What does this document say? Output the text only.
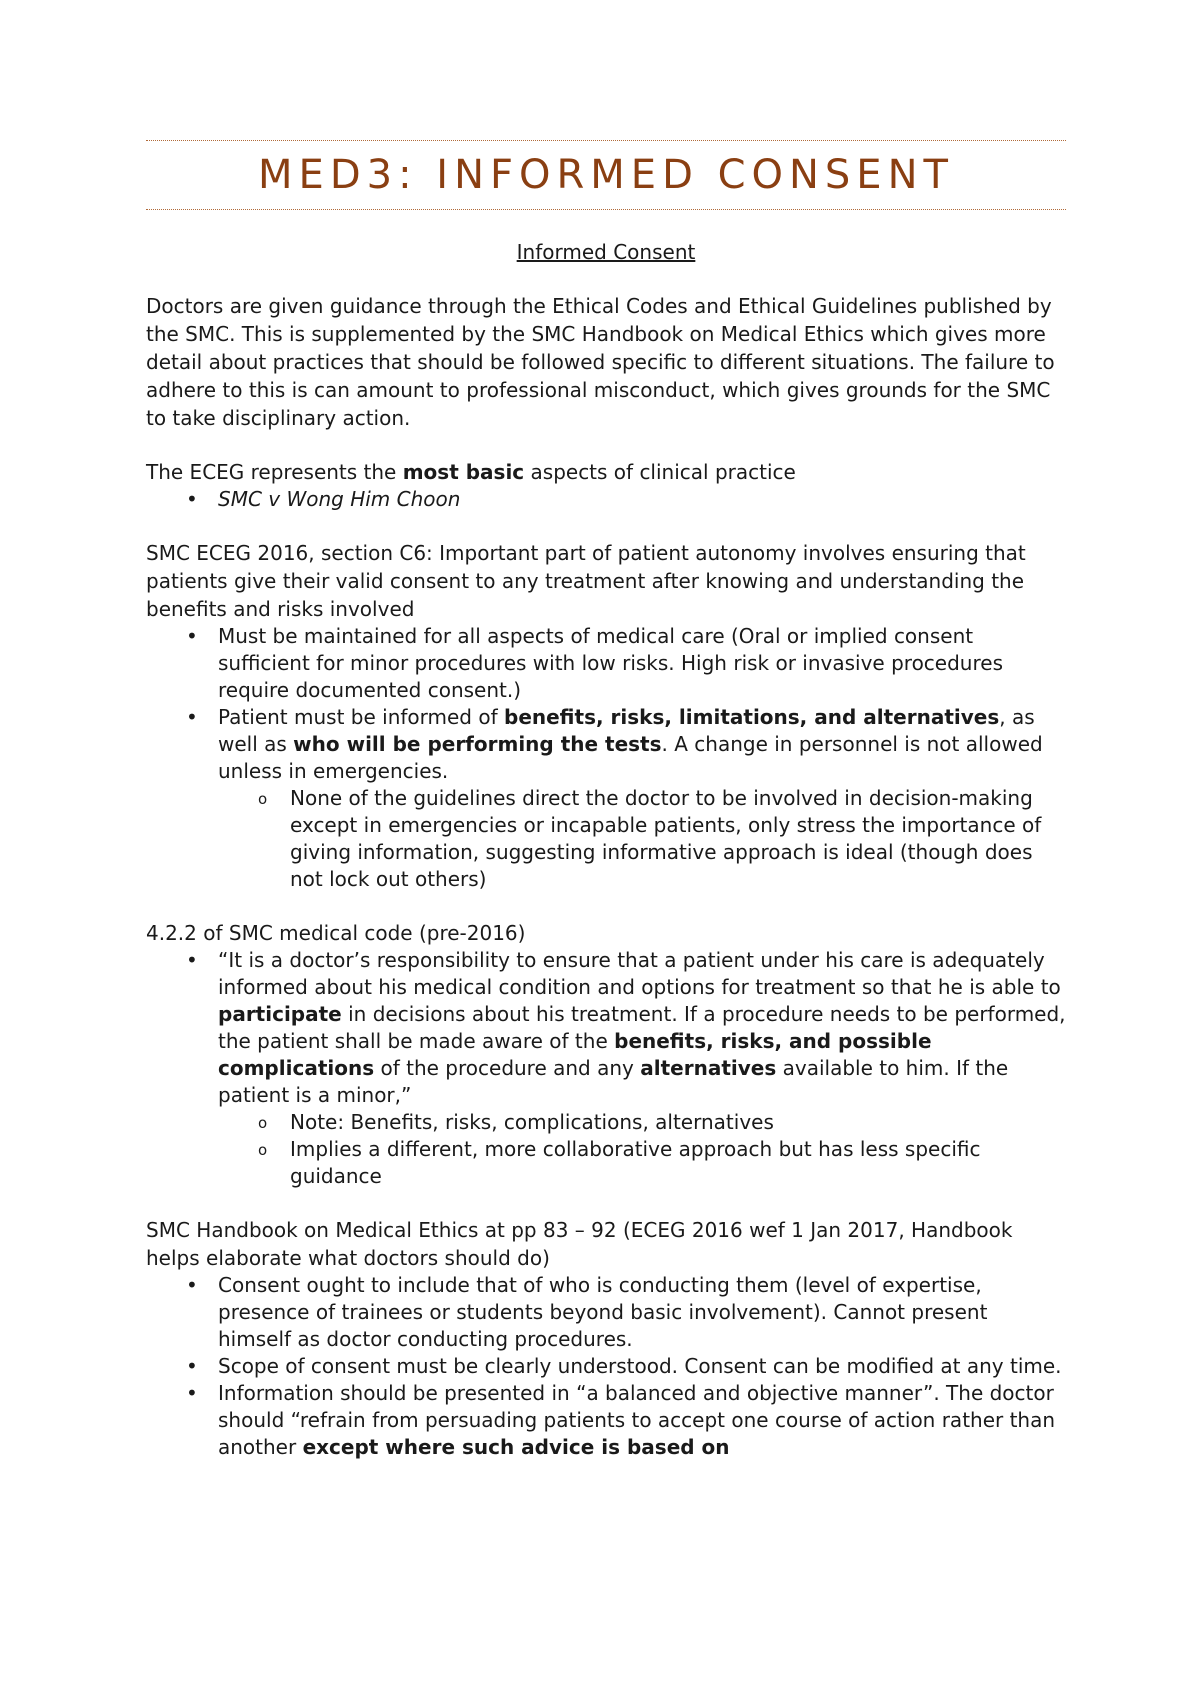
MED3: INFORMED CONSENT
Informed Consent

Doctors are given guidance through the Ethical Codes and Ethical Guidelines published by the SMC. This is supplemented by the SMC Handbook on Medical Ethics which gives more detail about practices that should be followed specific to different situations. The failure to adhere to this is can amount to professional misconduct, which gives grounds for the SMC to take disciplinary action.

The ECEG represents the most basic aspects of clinical practice

• SMC v Wong Him Choon

SMC ECEG 2016, section C6: Important part of patient autonomy involves ensuring that patients give their valid consent to any treatment after knowing and understanding the benefits and risks involved

• Must be maintained for all aspects of medical care (Oral or implied consent sufficient for minor procedures with low risks. High risk or invasive procedures require documented consent.)
• Patient must be informed of benefits, risks, limitations, and alternatives, as well as who will be performing the tests. A change in personnel is not allowed unless in emergencies.
o None of the guidelines direct the doctor to be involved in decision-making except in emergencies or incapable patients, only stress the importance of giving information, suggesting informative approach is ideal (though does not lock out others)

4.2.2 of SMC medical code (pre-2016)

• “It is a doctor’s responsibility to ensure that a patient under his care is adequately informed about his medical condition and options for treatment so that he is able to participate in decisions about his treatment. If a procedure needs to be performed, the patient shall be made aware of the benefits, risks, and possible complications of the procedure and any alternatives available to him. If the patient is a minor,”
o Note: Benefits, risks, complications, alternatives
o Implies a different, more collaborative approach but has less specific guidance

SMC Handbook on Medical Ethics at pp 83 – 92 (ECEG 2016 wef 1 Jan 2017, Handbook helps elaborate what doctors should do)

• Consent ought to include that of who is conducting them (level of expertise, presence of trainees or students beyond basic involvement). Cannot present himself as doctor conducting procedures.
• Scope of consent must be clearly understood. Consent can be modified at any time.
• Information should be presented in “a balanced and objective manner”. The doctor should “refrain from persuading patients to accept one course of action rather than another except where such advice is based on
